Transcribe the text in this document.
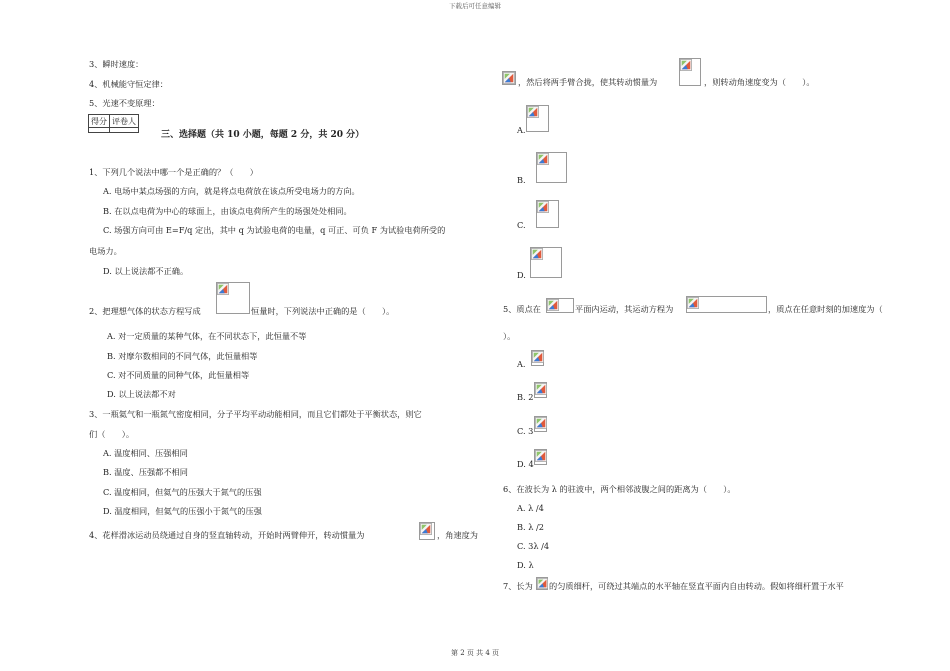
下载后可任意编辑
3、瞬时速度：
4、机械能守恒定律：
5、光速不变原理：
得分	评卷人

三、选择题（共 10 小题，每题 2 分，共 20 分）
1、下列几个说法中哪一个是正确的？（　　）
A. 电场中某点场强的方向，就是将点电荷放在该点所受电场力的方向。
B. 在以点电荷为中心的球面上，由该点电荷所产生的场强处处相同。
C. 场强方向可由 E=F/q 定出，其中 q 为试验电荷的电量，q 可正、可负 F 为试验电荷所受的
电场力。
D. 以上说法都不正确。
2、把理想气体的状态方程写成	恒量时，下列说法中正确的是（　　）。
A. 对一定质量的某种气体，在不同状态下，此恒量不等
B. 对摩尔数相同的不同气体，此恒量相等
C. 对不同质量的同种气体，此恒量相等
D. 以上说法都不对
3、一瓶氦气和一瓶氮气密度相同，分子平均平动动能相同，而且它们都处于平衡状态，则它
们（　　）。
A. 温度相同、压强相同
B. 温度、压强都不相同
C. 温度相同，但氦气的压强大于氮气的压强
D. 温度相同，但氦气的压强小于氮气的压强
4、花样滑冰运动员绕通过自身的竖直轴转动，开始时两臂伸开，转动惯量为	，角速度为
，然后将两手臂合拢，使其转动惯量为	，则转动角速度变为（　　）。
A.
B.
C.
D.
5、质点在	平面内运动，其运动方程为	，质点在任意时刻的加速度为（
）。
A.
B. 2
C. 3
D. 4
6、在波长为 λ 的驻波中，两个相邻波腹之间的距离为（　　）。
A. λ /4
B. λ /2
C. 3λ /4
D. λ
7、长为 的匀质细杆，可绕过其端点的水平轴在竖直平面内自由转动。假如将细杆置于水平
第 2 页 共 4 页
